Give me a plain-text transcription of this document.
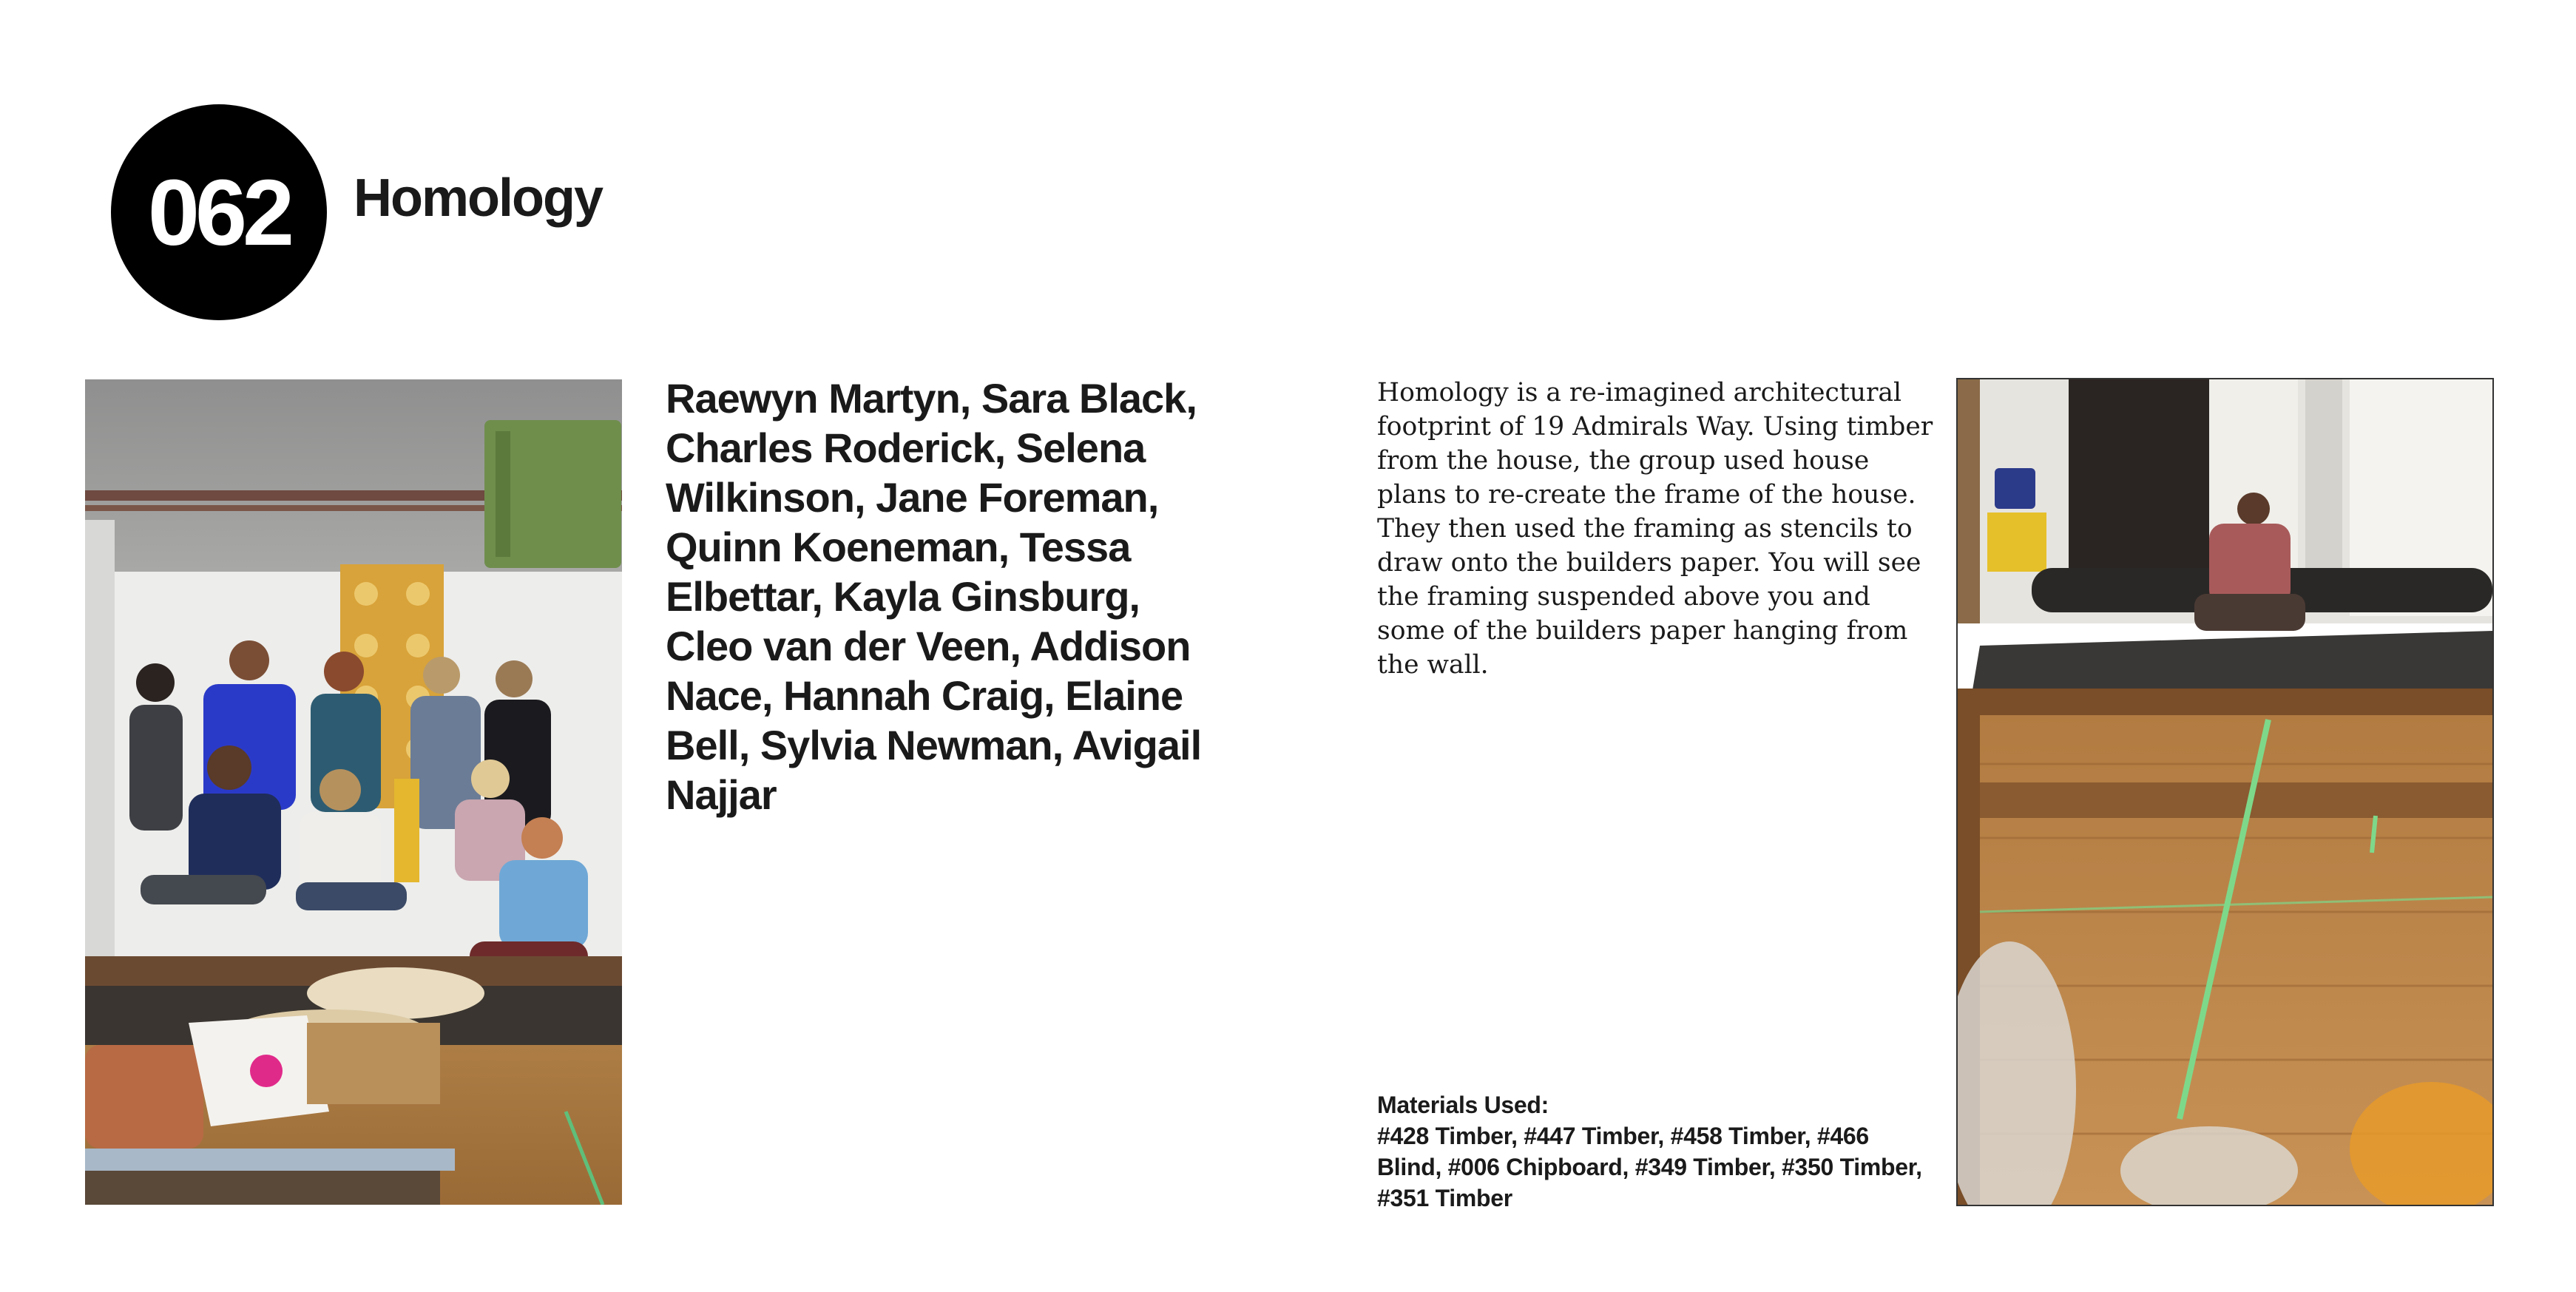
062 Homology
Raewyn Martyn, Sara Black, Charles Roderick, Selena Wilkinson, Jane Foreman, Quinn Koeneman, Tessa Elbettar, Kayla Ginsburg, Cleo van der Veen, Addison Nace, Hannah Craig, Elaine Bell, Sylvia Newman, Avigail Najjar
Homology is a re-imagined architectural footprint of 19 Admirals Way. Using timber from the house, the group used house plans to re-create the frame of the house. They then used the framing as stencils to draw onto the builders paper. You will see the framing suspended above you and some of the builders paper hanging from the wall.
Materials Used:
#428 Timber, #447 Timber, #458 Timber, #466 Blind, #006 Chipboard, #349 Timber, #350 Timber, #351 Timber
